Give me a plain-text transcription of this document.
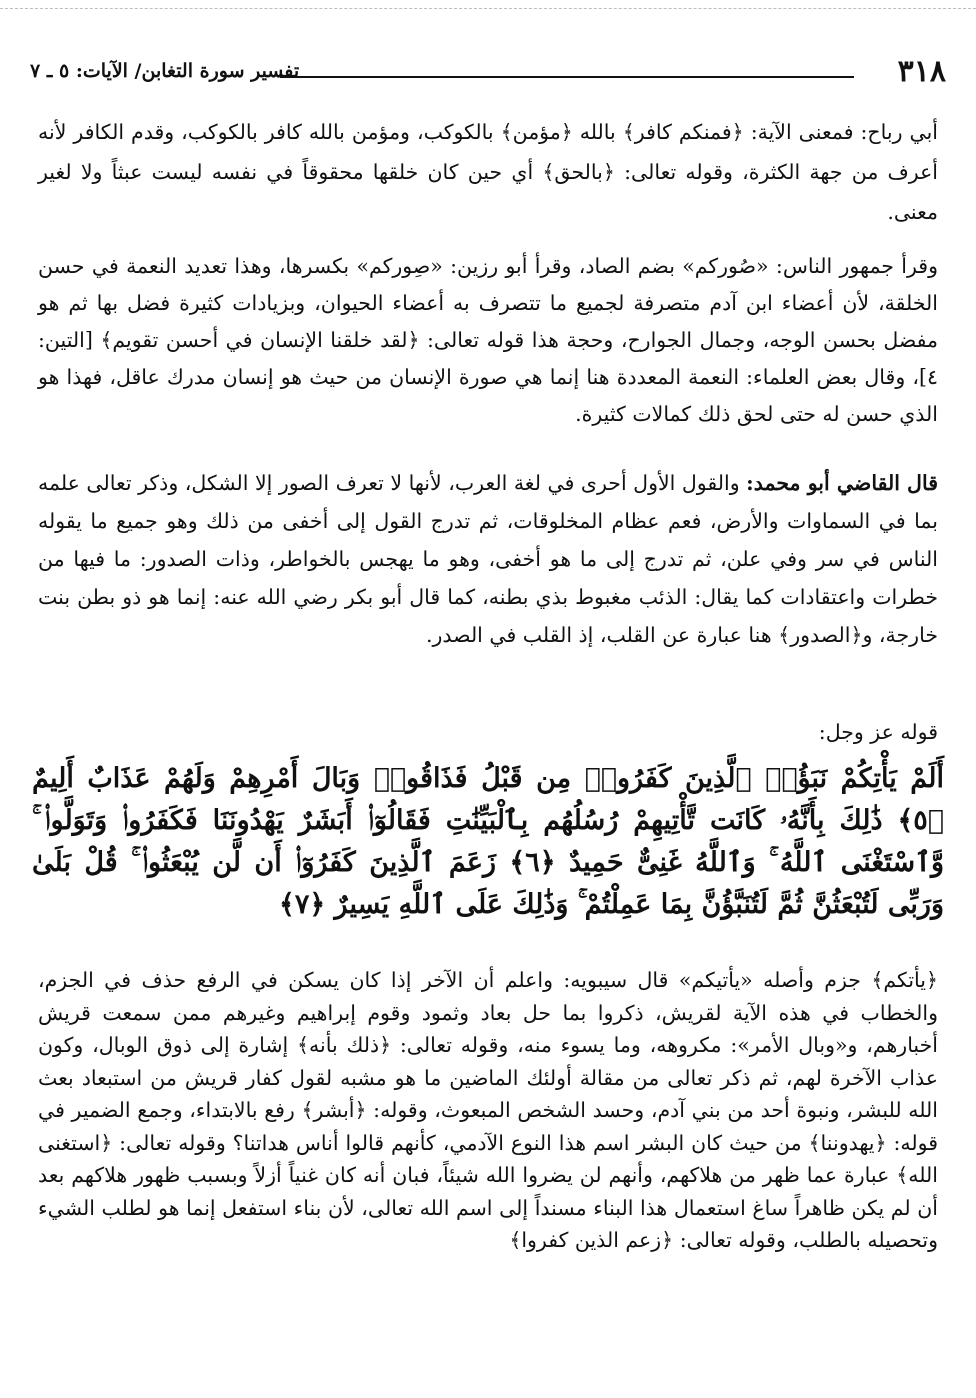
٣١٨
تفسير سورة التغابن/ الآيات: ٥ ـ ٧

أبي رباح: فمعنى الآية: ﴿فمنكم كافر﴾ بالله ﴿مؤمن﴾ بالكوكب، ومؤمن بالله كافر بالكوكب، وقدم الكافر لأنه أعرف من جهة الكثرة، وقوله تعالى: ﴿بالحق﴾ أي حين كان خلقها محقوقاً في نفسه ليست عبثاً ولا لغير معنى.

وقرأ جمهور الناس: «صُورکم» بضم الصاد، وقرأ أبو رزين: «صِورکم» بكسرها، وهذا تعديد النعمة في حسن الخلقة، لأن أعضاء ابن آدم متصرفة لجميع ما تتصرف به أعضاء الحيوان، وبزيادات كثيرة فضل بها ثم هو مفضل بحسن الوجه، وجمال الجوارح، وحجة هذا قوله تعالى: ﴿لقد خلقنا الإنسان في أحسن تقويم﴾ [التين: ٤]، وقال بعض العلماء: النعمة المعددة هنا إنما هي صورة الإنسان من حيث هو إنسان مدرك عاقل، فهذا هو الذي حسن له حتى لحق ذلك كمالات كثيرة.

قال القاضي أبو محمد: والقول الأول أحرى في لغة العرب، لأنها لا تعرف الصور إلا الشكل، وذكر تعالى علمه بما في السماوات والأرض، فعم عظام المخلوقات، ثم تدرج القول إلى أخفى من ذلك وهو جميع ما يقوله الناس في سر وفي علن، ثم تدرج إلى ما هو أخفى، وهو ما يهجس بالخواطر، وذات الصدور: ما فيها من خطرات واعتقادات كما يقال: الذئب مغبوط بذي بطنه، كما قال أبو بكر رضي الله عنه: إنما هو ذو بطن بنت خارجة، و﴿الصدور﴾ هنا عبارة عن القلب، إذ القلب في الصدر.

قوله عز وجل:

أَلَمْ يَأْتِكُمْ نَبَؤُا۟ ٱلَّذِينَ كَفَرُوا۟ مِن قَبْلُ فَذَاقُوا۟ وَبَالَ أَمْرِهِمْ وَلَهُمْ عَذَابٌ أَلِيمٌ ﴿٥﴾ ذَٰلِكَ بِأَنَّهُۥ كَانَت تَّأْتِيهِمْ رُسُلُهُم بِٱلْبَيِّنَٰتِ فَقَالُوٓا۟ أَبَشَرٌ يَهْدُونَنَا فَكَفَرُوا۟ وَتَوَلَّوا۟ ۚ وَّٱسْتَغْنَى ٱللَّهُ ۚ وَٱللَّهُ غَنِىٌّ حَمِيدٌ ﴿٦﴾ زَعَمَ ٱلَّذِينَ كَفَرُوٓا۟ أَن لَّن يُبْعَثُوا۟ ۚ قُلْ بَلَىٰ وَرَبِّى لَتُبْعَثُنَّ ثُمَّ لَتُنَبَّؤُنَّ بِمَا عَمِلْتُمْ ۚ وَذَٰلِكَ عَلَى ٱللَّهِ يَسِيرٌ ﴿٧﴾

﴿يأتكم﴾ جزم وأصله «يأتيكم» قال سيبويه: واعلم أن الآخر إذا كان يسكن في الرفع حذف في الجزم، والخطاب في هذه الآية لقريش، ذكروا بما حل بعاد وثمود وقوم إبراهيم وغيرهم ممن سمعت قريش أخبارهم، و«وبال الأمر»: مكروهه، وما يسوء منه، وقوله تعالى: ﴿ذلك بأنه﴾ إشارة إلى ذوق الوبال، وكون عذاب الآخرة لهم، ثم ذكر تعالى من مقالة أولئك الماضين ما هو مشبه لقول كفار قريش من استبعاد بعث الله للبشر، ونبوة أحد من بني آدم، وحسد الشخص المبعوث، وقوله: ﴿أبشر﴾ رفع بالابتداء، وجمع الضمير في قوله: ﴿يهدوننا﴾ من حيث كان البشر اسم هذا النوع الآدمي، كأنهم قالوا أناس هداتنا؟ وقوله تعالى: ﴿استغنى الله﴾ عبارة عما ظهر من هلاكهم، وأنهم لن يضروا الله شيئاً، فبان أنه كان غنياً أزلاً وبسبب ظهور هلاكهم بعد أن لم يكن ظاهراً ساغ استعمال هذا البناء مسنداً إلى اسم الله تعالى، لأن بناء استفعل إنما هو لطلب الشيء وتحصيله بالطلب، وقوله تعالى: ﴿زعم الذين كفروا﴾
